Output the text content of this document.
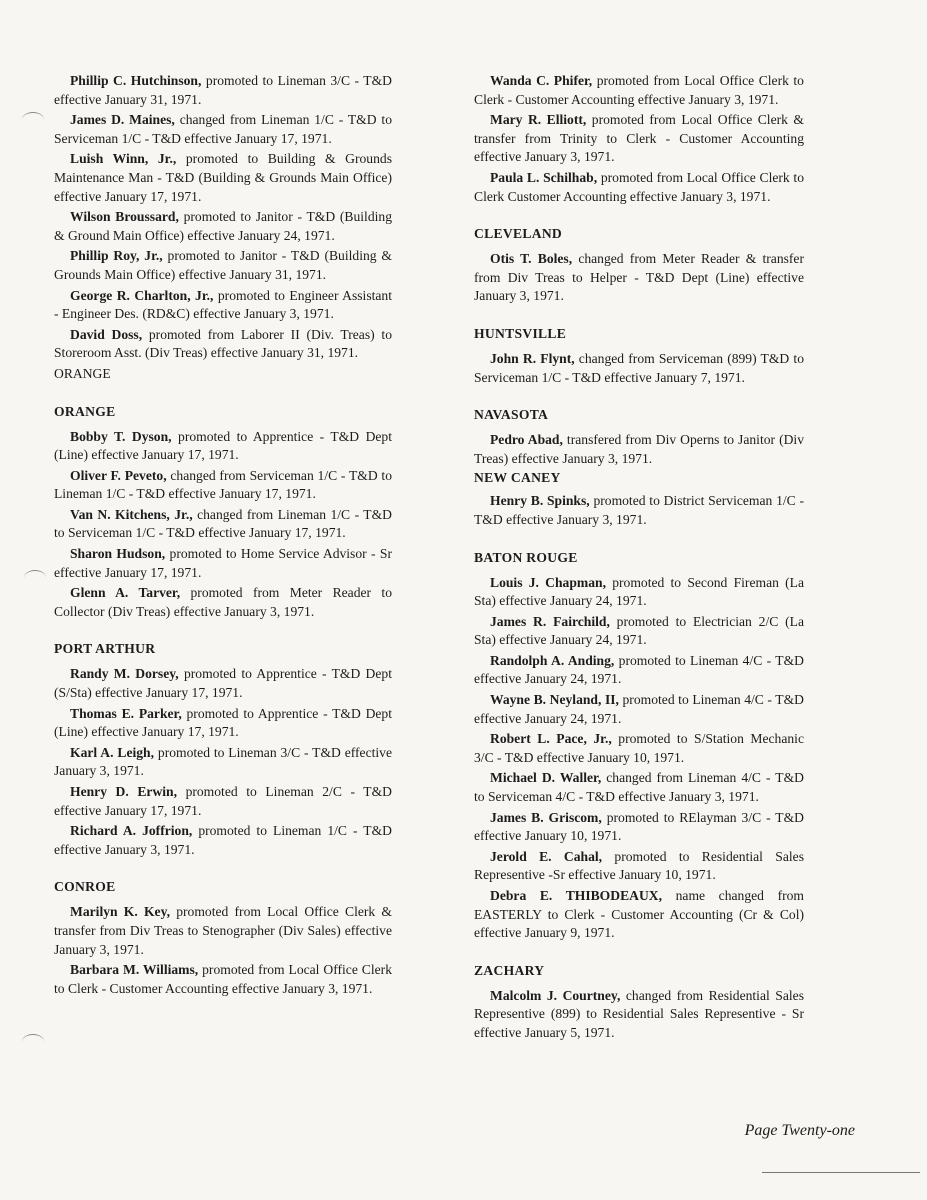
Phillip C. Hutchinson, promoted to Lineman 3/C - T&D effective January 31, 1971.

James D. Maines, changed from Lineman 1/C - T&D to Serviceman 1/C - T&D effective January 17, 1971.

Luish Winn, Jr., promoted to Building & Grounds Maintenance Man - T&D (Building & Grounds Main Office) effective January 17, 1971.

Wilson Broussard, promoted to Janitor - T&D (Building & Ground Main Office) effective January 24, 1971.

Phillip Roy, Jr., promoted to Janitor - T&D (Building & Grounds Main Office) effective January 31, 1971.

George R. Charlton, Jr., promoted to Engineer Assistant - Engineer Des. (RD&C) effective January 3, 1971.

David Doss, promoted from Laborer II (Div. Treas) to Storeroom Asst. (Div Treas) effective January 31, 1971.

ORANGE

ORANGE

Bobby T. Dyson, promoted to Apprentice - T&D Dept (Line) effective January 17, 1971.

Oliver F. Peveto, changed from Serviceman 1/C - T&D to Lineman 1/C - T&D effective January 17, 1971.

Van N. Kitchens, Jr., changed from Lineman 1/C - T&D to Serviceman 1/C - T&D effective January 17, 1971.

Sharon Hudson, promoted to Home Service Advisor - Sr effective January 17, 1971.

Glenn A. Tarver, promoted from Meter Reader to Collector (Div Treas) effective January 3, 1971.

PORT ARTHUR

Randy M. Dorsey, promoted to Apprentice - T&D Dept (S/Sta) effective January 17, 1971.

Thomas E. Parker, promoted to Apprentice - T&D Dept (Line) effective January 17, 1971.

Karl A. Leigh, promoted to Lineman 3/C - T&D effective January 3, 1971.

Henry D. Erwin, promoted to Lineman 2/C - T&D effective January 17, 1971.

Richard A. Joffrion, promoted to Lineman 1/C - T&D effective January 3, 1971.

CONROE

Marilyn K. Key, promoted from Local Office Clerk & transfer from Div Treas to Stenographer (Div Sales) effective January 3, 1971.

Barbara M. Williams, promoted from Local Office Clerk to Clerk - Customer Accounting effective January 3, 1971.

Wanda C. Phifer, promoted from Local Office Clerk to Clerk - Customer Accounting effective January 3, 1971.

Mary R. Elliott, promoted from Local Office Clerk & transfer from Trinity to Clerk - Customer Accounting effective January 3, 1971.

Paula L. Schilhab, promoted from Local Office Clerk to Clerk Customer Accounting effective January 3, 1971.

CLEVELAND

Otis T. Boles, changed from Meter Reader & transfer from Div Treas to Helper - T&D Dept (Line) effective January 3, 1971.

HUNTSVILLE

John R. Flynt, changed from Serviceman (899) T&D to Serviceman 1/C - T&D effective January 7, 1971.

NAVASOTA

Pedro Abad, transfered from Div Operns to Janitor (Div Treas) effective January 3, 1971.

NEW CANEY

Henry B. Spinks, promoted to District Serviceman 1/C - T&D effective January 3, 1971.

BATON ROUGE

Louis J. Chapman, promoted to Second Fireman (La Sta) effective January 24, 1971.

James R. Fairchild, promoted to Electrician 2/C (La Sta) effective January 24, 1971.

Randolph A. Anding, promoted to Lineman 4/C - T&D effective January 24, 1971.

Wayne B. Neyland, II, promoted to Lineman 4/C - T&D effective January 24, 1971.

Robert L. Pace, Jr., promoted to S/Station Mechanic 3/C - T&D effective January 10, 1971.

Michael D. Waller, changed from Lineman 4/C - T&D to Serviceman 4/C - T&D effective January 3, 1971.

James B. Griscom, promoted to RElayman 3/C - T&D effective January 10, 1971.

Jerold E. Cahal, promoted to Residential Sales Representive -Sr effective January 10, 1971.

Debra E. THIBODEAUX, name changed from EASTERLY to Clerk - Customer Accounting (Cr & Col) effective January 9, 1971.

ZACHARY

Malcolm J. Courtney, changed from Residential Sales Representive (899) to Residential Sales Representive - Sr effective January 5, 1971.

Page Twenty-one
